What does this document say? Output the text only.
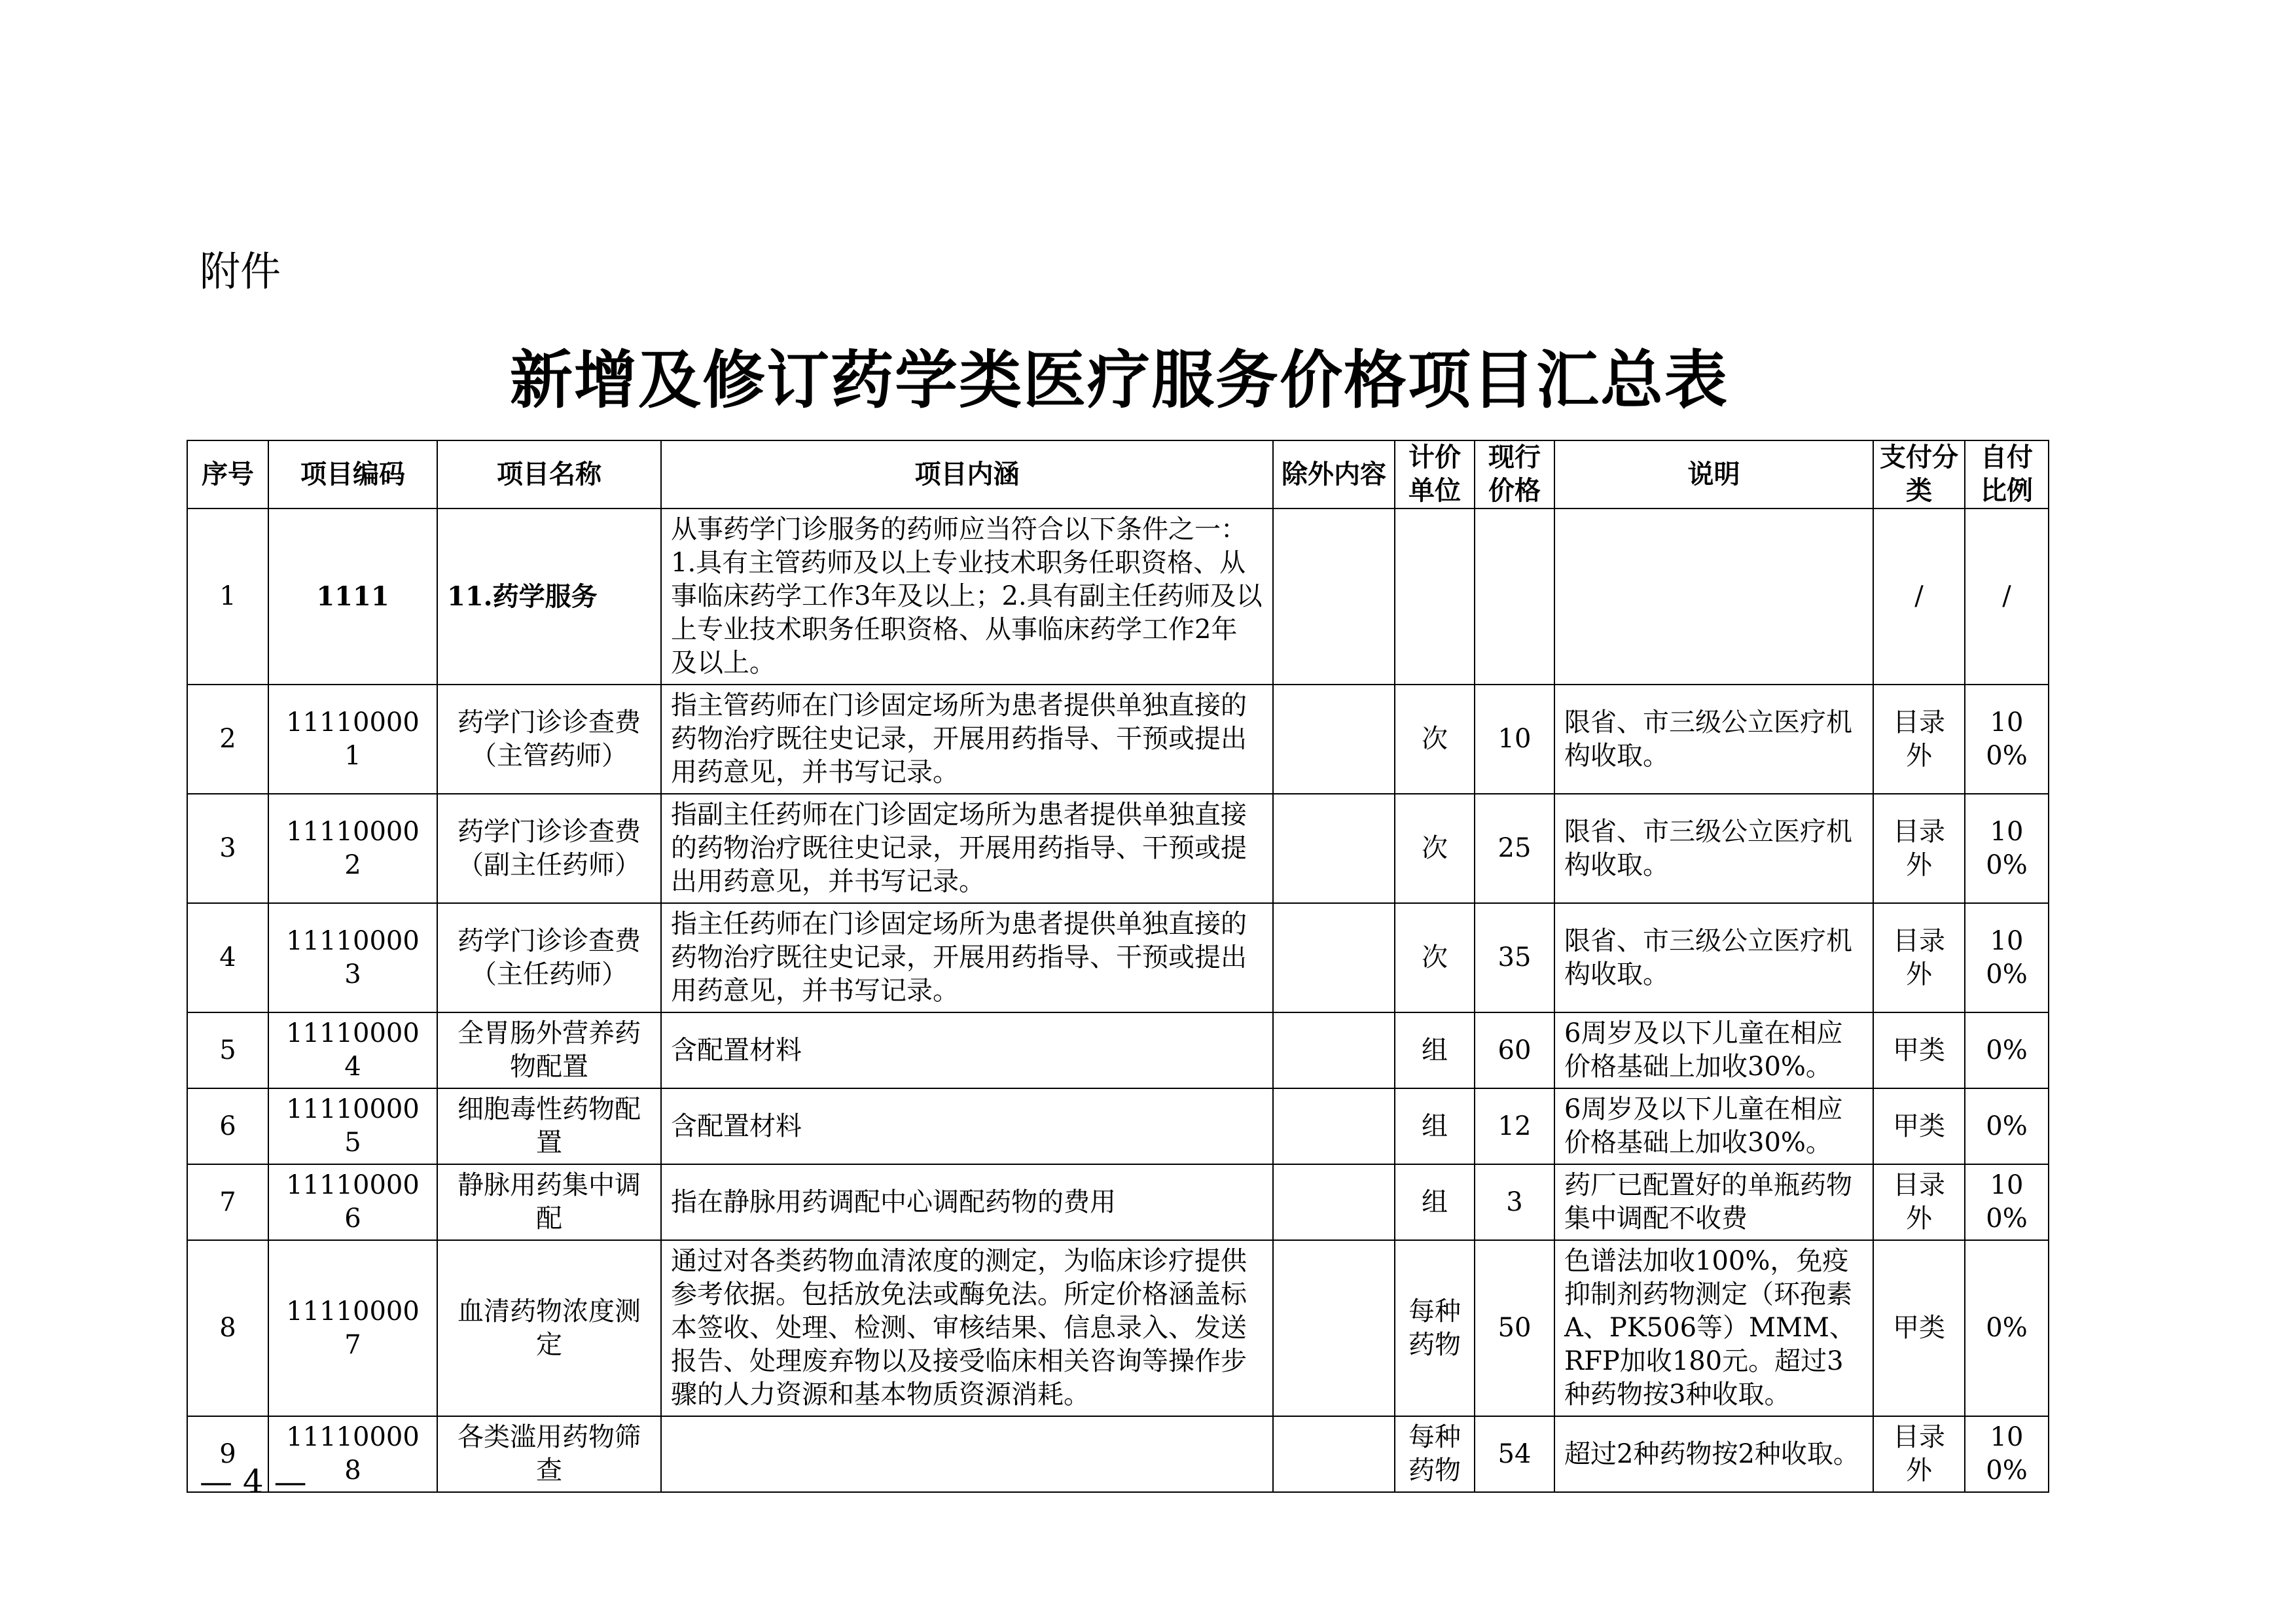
附件
新增及修订药学类医疗服务价格项目汇总表
序号	项目编码	项目名称	项目内涵	除外内容	计价单位	现行价格	说明	支付分类	自付比例
1	1111	11.药学服务	从事药学门诊服务的药师应当符合以下条件之一：1.具有主管药师及以上专业技术职务任职资格、从事临床药学工作3年及以上；2.具有副主任药师及以上专业技术职务任职资格、从事临床药学工作2年及以上。					/	/
2	111100001	药学门诊诊查费（主管药师）	指主管药师在门诊固定场所为患者提供单独直接的药物治疗既往史记录，开展用药指导、干预或提出用药意见，并书写记录。		次	10	限省、市三级公立医疗机构收取。	目录外	100%
3	111100002	药学门诊诊查费（副主任药师）	指副主任药师在门诊固定场所为患者提供单独直接的药物治疗既往史记录，开展用药指导、干预或提出用药意见，并书写记录。		次	25	限省、市三级公立医疗机构收取。	目录外	100%
4	111100003	药学门诊诊查费（主任药师）	指主任药师在门诊固定场所为患者提供单独直接的药物治疗既往史记录，开展用药指导、干预或提出用药意见，并书写记录。		次	35	限省、市三级公立医疗机构收取。	目录外	100%
5	111100004	全胃肠外营养药物配置	含配置材料		组	60	6周岁及以下儿童在相应价格基础上加收30%。	甲类	0%
6	111100005	细胞毒性药物配置	含配置材料		组	12	6周岁及以下儿童在相应价格基础上加收30%。	甲类	0%
7	111100006	静脉用药集中调配	指在静脉用药调配中心调配药物的费用		组	3	药厂已配置好的单瓶药物集中调配不收费	目录外	100%
8	111100007	血清药物浓度测定	通过对各类药物血清浓度的测定，为临床诊疗提供参考依据。包括放免法或酶免法。所定价格涵盖标本签收、处理、检测、审核结果、信息录入、发送报告、处理废弃物以及接受临床相关咨询等操作步骤的人力资源和基本物质资源消耗。		每种药物	50	色谱法加收100%，免疫抑制剂药物测定（环孢素A、PK506等）MMM、RFP加收180元。超过3种药物按3种收取。	甲类	0%
9	111100008	各类滥用药物筛查			每种药物	54	超过2种药物按2种收取。	目录外	100%
— 4 —
